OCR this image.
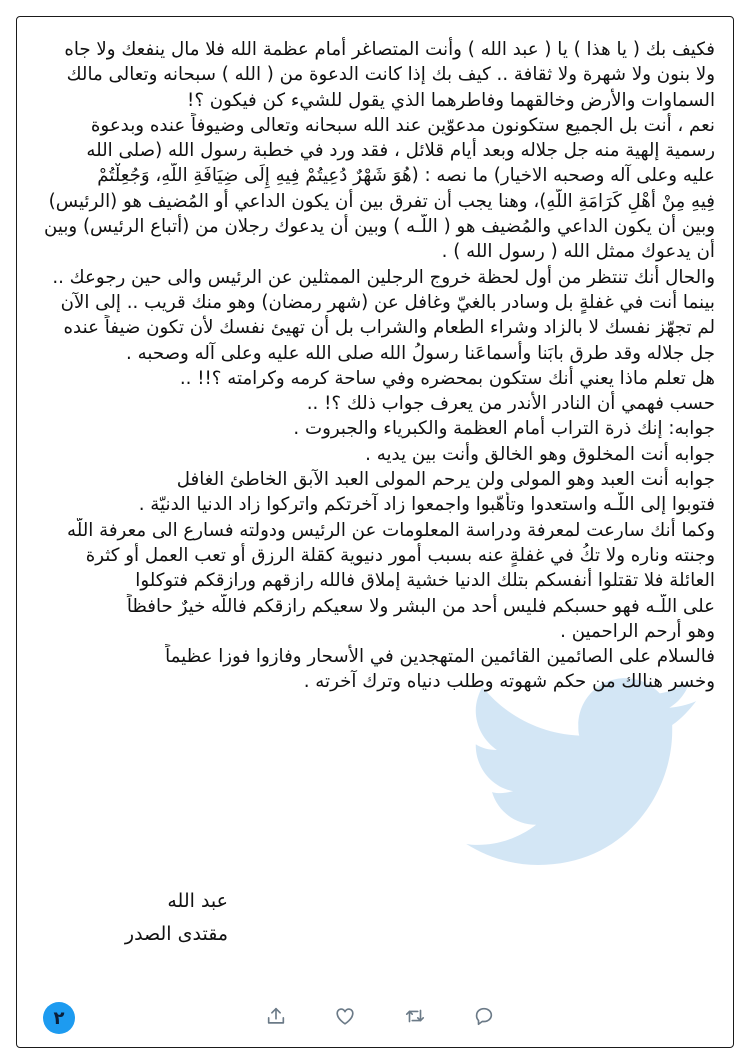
فكيف بك ( يا هذا ) يا ( عبد الله ) وأنت المتصاغر أمام عظمة الله فلا مال ينفعك ولا جاه
ولا بنون ولا شهرة ولا ثقافة .. كيف بك إذا كانت الدعوة من ( الله ) سبحانه وتعالى مالك
السماوات والأرض وخالقهما وفاطرهما الذي يقول للشيء كن فيكون ؟!
نعم ، أنت بل الجميع ستكونون مدعوّين عند الله سبحانه وتعالى وضيوفاً عنده وبدعوة
رسمية إلهية منه جل جلاله وبعد أيام قلائل ، فقد ورد في خطبة رسول الله (صلى الله
عليه وعلى آله وصحبه الاخيار) ما نصه : (هُوَ شَهْرٌ دُعِيتُمْ فِيهِ إِلَى ضِيَافَةِ اللَّهِ، وَجُعِلْتُمْ
فِيهِ مِنْ أَهْلِ كَرَامَةِ اللَّهِ)، وهنا يجب أن تفرق بين أن يكون الداعي أو المُضيف هو (الرئيس)
وبين أن يكون الداعي والمُضيف هو ( اللّـه ) وبين أن يدعوك رجلان من (أتباع الرئيس) وبين
أن يدعوك ممثل الله ( رسول الله ) .
والحال أنك تنتظر من أول لحظة خروج الرجلين الممثلين عن الرئيس والى حين رجوعك ..
بينما أنت في غفلةٍ بل وسادر بالغيّ وغافل عن (شهر رمضان) وهو منك قريب .. إلى الآن
لم تجهّز نفسك لا بالزاد وشراء الطعام والشراب بل أن تهيئ نفسك لأن تكون ضيفاً عنده
جل جلاله وقد طرق بابَنا وأسماعَنا رسولُ الله صلى الله عليه وعلى آله وصحبه .
هل تعلم ماذا يعني أنك ستكون بمحضره وفي ساحة كرمه وكرامته ؟!! ..
حسب فهمي أن النادر الأندر من يعرف جواب ذلك ؟! ..
جوابه: إنك ذرة التراب أمام العظمة والكبرياء والجبروت .
جوابه أنت المخلوق وهو الخالق وأنت بين يديه .
جوابه أنت العبد وهو المولى ولن يرحم المولى العبد الآبق الخاطئ الغافل
فتوبوا إلى اللّـه واستعدوا وتأهّبوا واجمعوا زاد آخرتكم واتركوا زاد الدنيا الدنيّة .
وكما أنك سارعت لمعرفة ودراسة المعلومات عن الرئيس ودولته فسارع الى معرفة اللّه
وجنته وناره ولا تكُ في غفلةٍ عنه بسبب أمور دنيوية كقلة الرزق أو تعب العمل أو كثرة
العائلة فلا تقتلوا أنفسكم بتلك الدنيا خشية إملاق فالله رازقهم ورازقكم فتوكلوا
على اللّـه فهو حسبكم فليس أحد من البشر ولا سعيكم رازقكم فاللّه خيرٌ حافظاً
وهو أرحم الراحمين .
فالسلام على الصائمين القائمين المتهجدين في الأسحار وفازوا فوزا عظيماً
وخسر هنالك من حكم شهوته وطلب دنياه وترك آخرته .
عبد الله
مقتدى الصدر
٢
